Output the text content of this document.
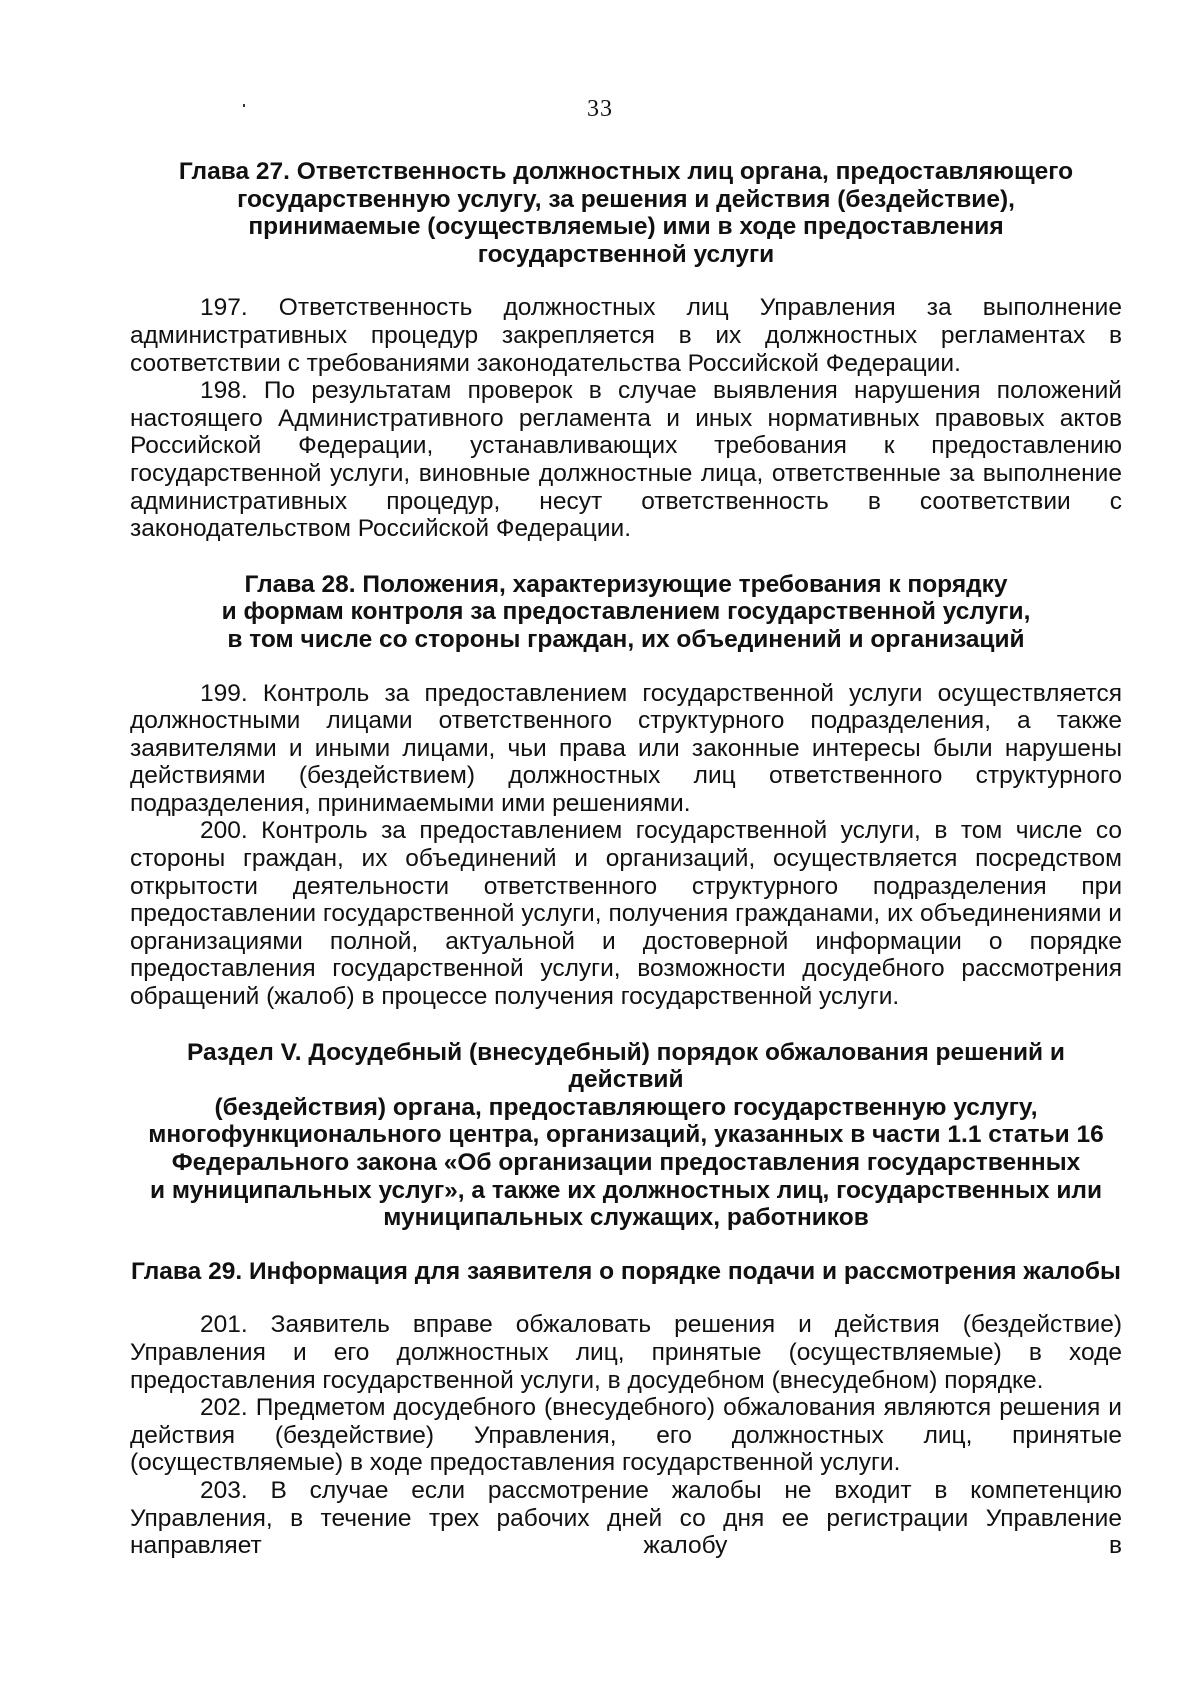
33
Глава 27. Ответственность должностных лиц органа, предоставляющего
государственную услугу, за решения и действия (бездействие),
принимаемые (осуществляемые) ими в ходе предоставления
государственной услуги

197. Ответственность должностных лиц Управления за выполнение административных процедур закрепляется в их должностных регламентах в соответствии с требованиями законодательства Российской Федерации.

198. По результатам проверок в случае выявления нарушения положений настоящего Административного регламента и иных нормативных правовых актов Российской Федерации, устанавливающих требования к предоставлению государственной услуги, виновные должностные лица, ответственные за выполнение административных процедур, несут ответственность в соответствии с законодательством Российской Федерации.

Глава 28. Положения, характеризующие требования к порядку
и формам контроля за предоставлением государственной услуги,
в том числе со стороны граждан, их объединений и организаций

199. Контроль за предоставлением государственной услуги осуществляется должностными лицами ответственного структурного подразделения, а также заявителями и иными лицами, чьи права или законные интересы были нарушены действиями (бездействием) должностных лиц ответственного структурного подразделения, принимаемыми ими решениями.

200. Контроль за предоставлением государственной услуги, в том числе со стороны граждан, их объединений и организаций, осуществляется посредством открытости деятельности ответственного структурного подразделения при предоставлении государственной услуги, получения гражданами, их объединениями и организациями полной, актуальной и достоверной информации о порядке предоставления государственной услуги, возможности досудебного рассмотрения обращений (жалоб) в процессе получения государственной услуги.

Раздел V. Досудебный (внесудебный) порядок обжалования решений и действий
(бездействия) органа, предоставляющего государственную услугу,
многофункционального центра, организаций, указанных в части 1.1 статьи 16
Федерального закона «Об организации предоставления государственных
и муниципальных услуг», а также их должностных лиц, государственных или
муниципальных служащих, работников
Глава 29. Информация для заявителя о порядке подачи и рассмотрения жалобы

201. Заявитель вправе обжаловать решения и действия (бездействие) Управления и его должностных лиц, принятые (осуществляемые) в ходе предоставления государственной услуги, в досудебном (внесудебном) порядке.

202. Предметом досудебного (внесудебного) обжалования являются решения и действия (бездействие) Управления, его должностных лиц, принятые (осуществляемые) в ходе предоставления государственной услуги.

203. В случае если рассмотрение жалобы не входит в компетенцию Управления, в течение трех рабочих дней со дня ее регистрации Управление направляет жалобу в
